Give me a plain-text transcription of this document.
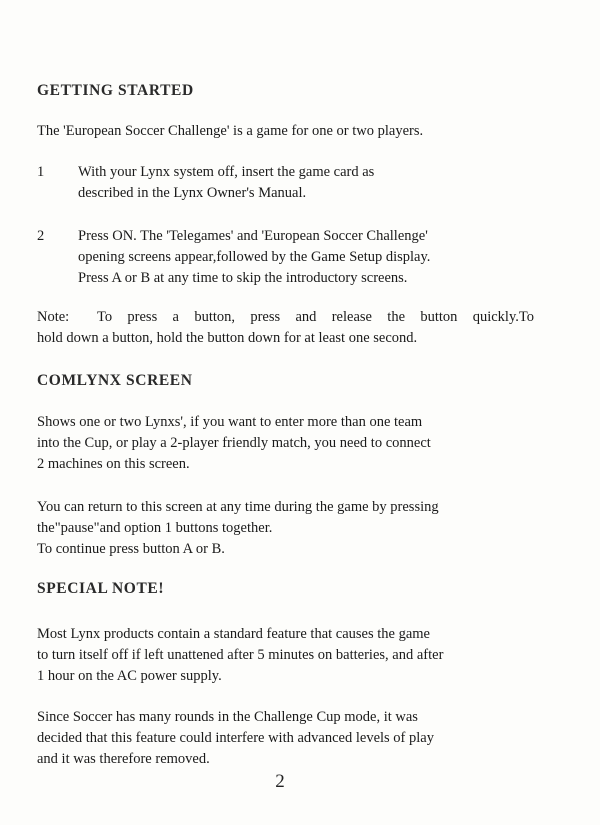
GETTING STARTED

The 'European Soccer Challenge' is a game for one or two players.

1 With your Lynx system off, insert the game card as
described in the Lynx Owner's Manual.
2 Press ON. The 'Telegames' and 'European Soccer Challenge'
opening screens appear,followed by the Game Setup display.
Press A or B at any time to skip the introductory screens.
Note: To press a button, press and release the button quickly.To
hold down a button, hold the button down for at least one second.
COMLYNX SCREEN

Shows one or two Lynxs', if you want to enter more than one team
into the Cup, or play a 2-player friendly match, you need to connect
2 machines on this screen.

You can return to this screen at any time during the game by pressing
the"pause"and option 1 buttons together.
To continue press button A or B.

SPECIAL NOTE!

Most Lynx products contain a standard feature that causes the game
to turn itself off if left unattened after 5 minutes on batteries, and after
1 hour on the AC power supply.

Since Soccer has many rounds in the Challenge Cup mode, it was
decided that this feature could interfere with advanced levels of play
and it was therefore removed.

2
